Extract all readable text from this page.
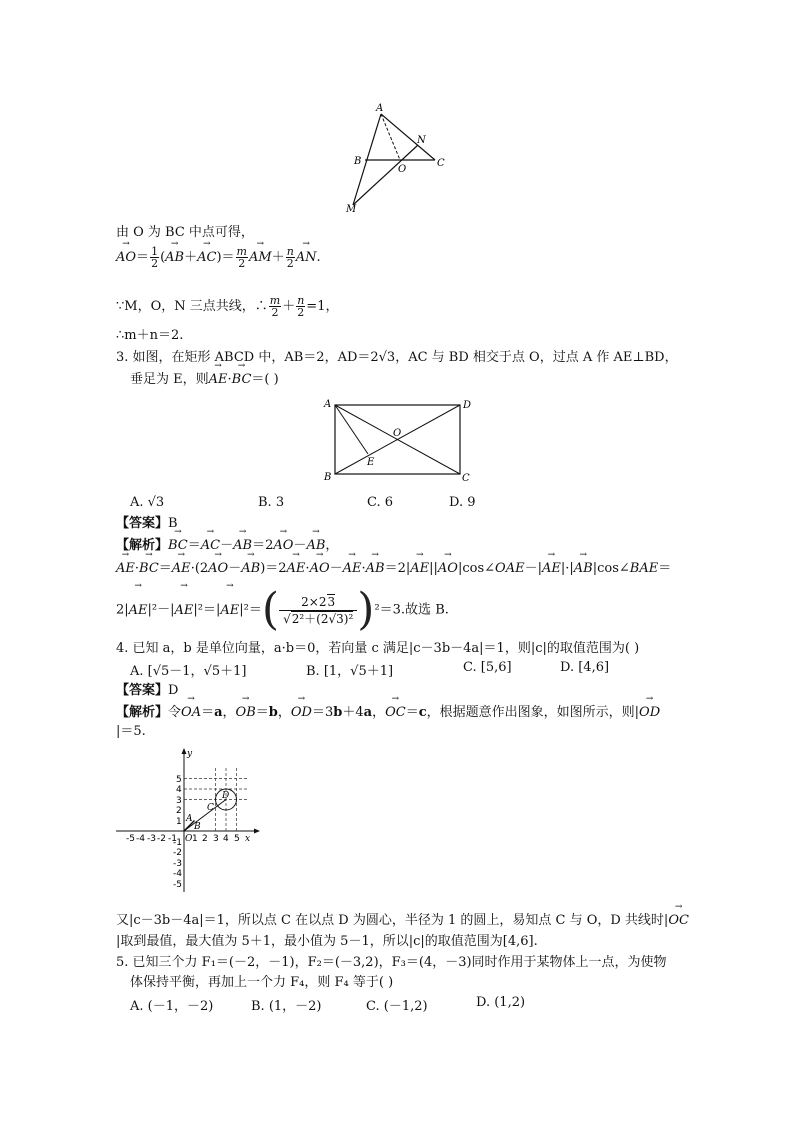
A
N
B
O
C
M
由 O 为 BC 中点可得，
→ $AO= \frac{1}{2}$ (→ $AB+\to AC)= \frac{m}{2}$
→ $AM+ \frac{n}{2}$
→ AN.
∵M，O，N 三点共线，∴ $\frac{m}{2} + \frac{n}{2} =1$，
∴m＋n＝2.
3. 如图，在矩形 ABCD 中，AB＝2，AD＝2√3，AC 与 BD 相交于点 O，过点 A 作 AE⊥BD，
垂足为 E，则→ AE·→ BC＝( )
A	D
B	C
O
E
A. √3	B. 3	C. 6	D. 9
【答案】B
【解析】→ BC＝→ AC－→ AB＝2→ AO－→ AB，
→ AE·→ BC＝→ AE·(2→ AO－→ AB)＝2→ AE·→ AO－→ AE·→ AB＝2|→ AE||→ AO|cos∠OAE－|→ AE|·|→ AB|cos∠BAE＝
$2|\to AE|^2-|\to AE|^2=|\to AE|^2=( \frac{2\times 23}{\text{√2²＋(2√3)²}} )^2=3$.故选 B.
4. 已知 a，b 是单位向量，a·b＝0，若向量 c 满足|c－3b－4a|＝1，则|c|的取值范围为( )
A. [√5－1，√5＋1]	B. [1，√5＋1]	C. [5,6]	D. [4,6]
【答案】D
【解析】令→ OA＝a，→ OB＝b，→ OD＝3b＋4a，→ OC＝c，根据题意作出图象，如图所示，则|→ OD
|＝5.
-5 -4 -3 -2 -1 1 2 3 4 5
1
2
3
4
5
-1
-2
-3
-4
-5
x
y
O
A
B
C
D
又|c－3b－4a|＝1，所以点 C 在以点 D 为圆心，半径为 1 的圆上，易知点 C 与 O，D 共线时|→ OC
|取到最值，最大值为 5＋1，最小值为 5－1，所以|c|的取值范围为[4,6].
5. 已知三个力 F₁＝(－2，－1)，F₂＝(－3,2)，F₃＝(4，－3)同时作用于某物体上一点，为使物
体保持平衡，再加上一个力 F₄，则 F₄ 等于( )
A. (－1，－2)	B. (1，－2)	C. (－1,2)	D. (1,2)
